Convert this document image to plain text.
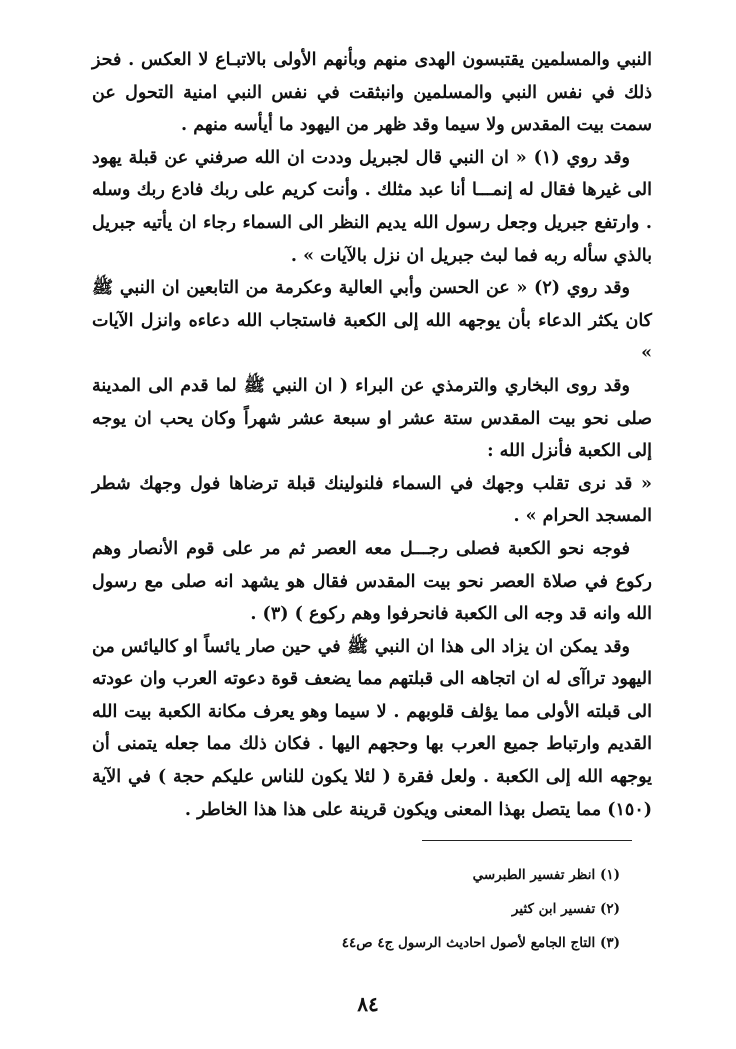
النبي والمسلمين يقتبسون الهدى منهم وبأنهم الأولى بالاتبـاع لا العكس . فحز ذلك في نفس النبي والمسلمين وانبثقت في نفس النبي امنية التحول عن سمت بيت المقدس ولا سيما وقد ظهر من اليهود ما أيأسه منهم .

وقد روي (١) « ان النبي قال لجبريل وددت ان الله صرفني عن قبلة يهود الى غيرها فقال له إنمـــا أنا عبد مثلك . وأنت كريم على ربك فادع ربك وسله . وارتفع جبريل وجعل رسول الله يديم النظر الى السماء رجاء ان يأتيه جبريل بالذي سأله ربه فما لبث جبريل ان نزل بالآيات » .

وقد روي (٢) « عن الحسن وأبي العالية وعكرمة من التابعين ان النبي ﷺ كان يكثر الدعاء بأن يوجهه الله إلى الكعبة فاستجاب الله دعاءه وانزل الآيات »

وقد روى البخاري والترمذي عن البراء ( ان النبي ﷺ لما قدم الى المدينة صلى نحو بيت المقدس ستة عشر او سبعة عشر شهراً وكان يحب ان يوجه إلى الكعبة فأنزل الله :

« قد نرى تقلب وجهك في السماء فلنولينك قبلة ترضاها فول وجهك شطر المسجد الحرام » .

فوجه نحو الكعبة فصلى رجـــل معه العصر ثم مر على قوم الأنصار وهم ركوع في صلاة العصر نحو بيت المقدس فقال هو يشهد انه صلى مع رسول الله وانه قد وجه الى الكعبة فانحرفوا وهم ركوع ) (٣) .

وقد يمكن ان يزاد الى هذا ان النبي ﷺ في حين صار يائساً او كاليائس من اليهود تراآى له ان اتجاهه الى قبلتهم مما يضعف قوة دعوته العرب وان عودته الى قبلته الأولى مما يؤلف قلوبهم . لا سيما وهو يعرف مكانة الكعبة بيت الله القديم وارتباط جميع العرب بها وحجهم اليها . فكان ذلك مما جعله يتمنى أن يوجهه الله إلى الكعبة . ولعل فقرة ( لئلا يكون للناس عليكم حجة ) في الآية (١٥٠) مما يتصل بهذا المعنى ويكون قرينة على هذا هذا الخاطر .

(١) انظر تفسير الطبرسي
(٢) تفسير ابن كثير
(٣) التاج الجامع لأصول احاديث الرسول ج٤ ص٤٤
٨٤
